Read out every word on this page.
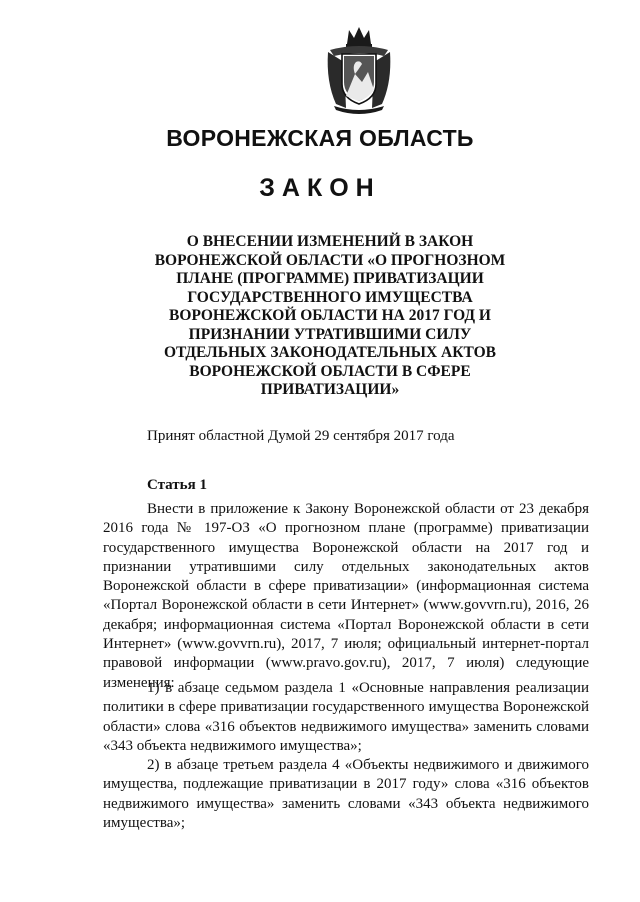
ВОРОНЕЖСКАЯ ОБЛАСТЬ
ЗАКОН
О ВНЕСЕНИИ ИЗМЕНЕНИЙ В ЗАКОН
ВОРОНЕЖСКОЙ ОБЛАСТИ «О ПРОГНОЗНОМ
ПЛАНЕ (ПРОГРАММЕ) ПРИВАТИЗАЦИИ
ГОСУДАРСТВЕННОГО ИМУЩЕСТВА
ВОРОНЕЖСКОЙ ОБЛАСТИ НА 2017 ГОД И
ПРИЗНАНИИ УТРАТИВШИМИ СИЛУ
ОТДЕЛЬНЫХ ЗАКОНОДАТЕЛЬНЫХ АКТОВ
ВОРОНЕЖСКОЙ ОБЛАСТИ В СФЕРЕ
ПРИВАТИЗАЦИИ»
Принят областной Думой 29 сентября 2017 года
Статья 1

Внести в приложение к Закону Воронежской области от 23 декабря 2016 года № 197-ОЗ «О прогнозном плане (программе) приватизации государственного имущества Воронежской области на 2017 год и признании утратившими силу отдельных законодательных актов Воронежской области в сфере приватизации» (информационная система «Портал Воронежской области в сети Интернет» (www.govvrn.ru), 2016, 26 декабря; информационная система «Портал Воронежской области в сети Интернет» (www.govvrn.ru), 2017, 7 июля; официальный интернет-портал правовой информации (www.pravo.gov.ru), 2017, 7 июля) следующие изменения:

1) в абзаце седьмом раздела 1 «Основные направления реализации политики в сфере приватизации государственного имущества Воронежской области» слова «316 объектов недвижимого имущества» заменить словами «343 объекта недвижимого имущества»;

2) в абзаце третьем раздела 4 «Объекты недвижимого и движимого имущества, подлежащие приватизации в 2017 году» слова «316 объектов недвижимого имущества» заменить словами «343 объекта недвижимого имущества»;
